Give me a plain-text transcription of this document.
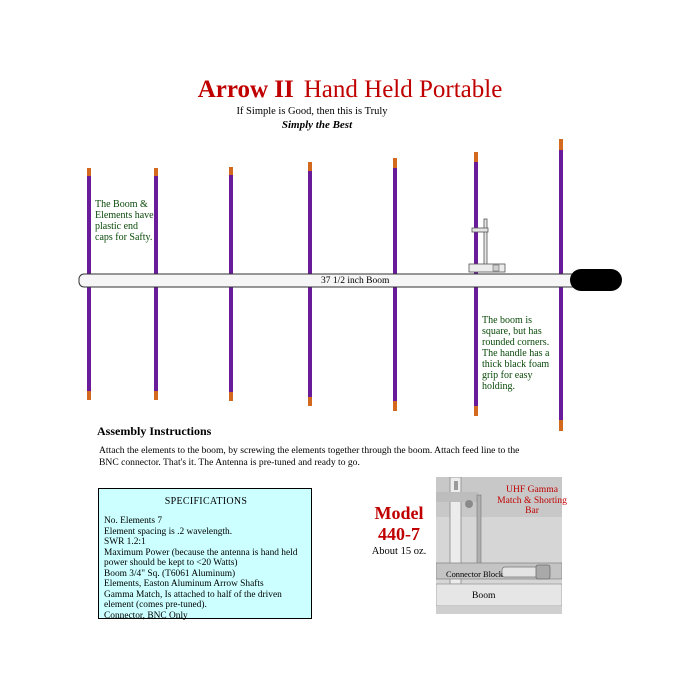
Arrow II Hand Held Portable
If Simple is Good, then this is Truly
Simply the Best
37 1/2 inch Boom
The Boom & Elements have plastic end caps for Safty.
The boom is square, but has rounded corners. The handle has a thick black foam grip for easy holding.
Assembly Instructions
Attach the elements to the boom, by screwing the elements together through the boom. Attach feed line to the BNC connector. That's it. The Antenna is pre-tuned and ready to go.
SPECIFICATIONS
No. Elements 7
Element spacing is .2 wavelength.
SWR 1.2:1
Maximum Power (because the antenna is hand held power should be kept to <20 Watts)
Boom 3/4" Sq. (T6061 Aluminum)
Elements, Easton Aluminum Arrow Shafts
Gamma Match, Is attached to half of the driven element (comes pre-tuned).
Connector, BNC Only
Model 440-7
About 15 oz.
UHF Gamma Match & Shorting Bar
Connector Block
Boom
